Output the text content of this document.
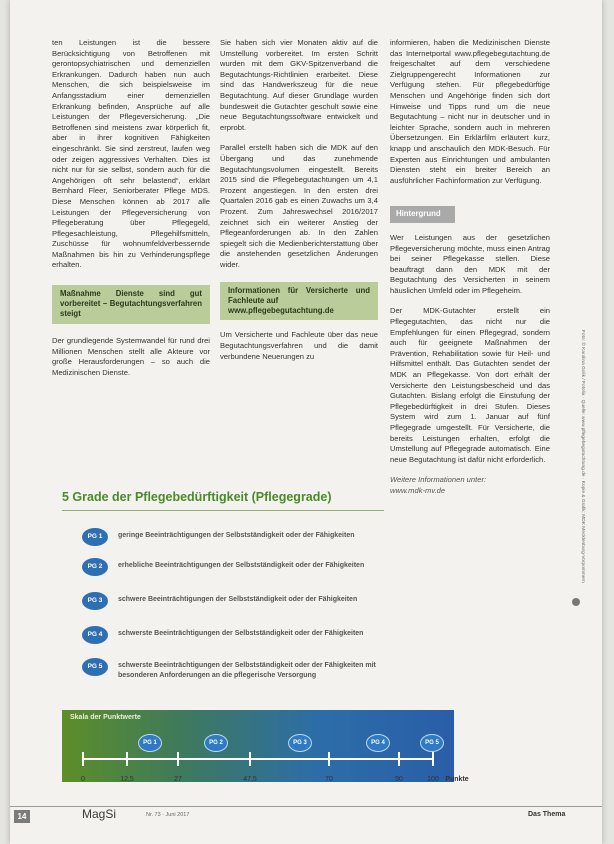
ten Leistungen ist die bessere Berücksichtigung von Betroffenen mit gerontopsychiatrischen und demenziellen Erkrankungen. Dadurch haben nun auch Menschen, die sich beispielsweise im Anfangsstadium einer demenziellen Erkrankung befinden, Ansprüche auf alle Leistungen der Pflegeversicherung. „Die Betroffenen sind meistens zwar körperlich fit, aber in ihrer kognitiven Fähigkeiten eingeschränkt. Sie sind zerstreut, laufen weg oder zeigen aggressives Verhalten. Dies ist nicht nur für sie selbst, sondern auch für die Angehörigen oft sehr belastend“, erklärt Bernhard Fleer, Seniorberater Pflege MDS. Diese Menschen können ab 2017 alle Leistungen der Pflegeversicherung von Pflegeberatung über Pflegegeld, Pflegesachleistung, Pflegehilfsmitteln, Zuschüsse für wohnumfeldverbessernde Maßnahmen bis hin zu Verhinderungspflege erhalten.

Maßnahme Dienste sind gut vorbereitet – Begutachtungsverfahren steigt

Der grundlegende Systemwandel für rund drei Millionen Menschen stellt alle Akteure vor große Herausforderungen – so auch die Medizinischen Dienste.

Sie haben sich vier Monaten aktiv auf die Umstellung vorbereitet. Im ersten Schritt wurden mit dem GKV-Spitzenverband die Begutachtungs-Richtlinien erarbeitet. Diese sind das Handwerkszeug für die neue Begutachtung. Auf dieser Grundlage wurden bundesweit die Gutachter geschult sowie eine neue Begutachtungssoftware entwickelt und erprobt.

Parallel erstellt haben sich die MDK auf den Übergang und das zunehmende Begutachtungsvolumen eingestellt. Bereits 2015 sind die Pflegebegutachtungen um 4,1 Prozent angestiegen. In den ersten drei Quartalen 2016 gab es einen Zuwachs um 3,4 Prozent. Zum Jahreswechsel 2016/2017 zeichnet sich ein weiterer Anstieg der Pflegeanforderungen ab. In den Zahlen spiegelt sich die Medienberichterstattung über die anstehenden gesetzlichen Änderungen wider.

Informationen für Versicherte und Fachleute auf
www.pflegebegutachtung.de

Um Versicherte und Fachleute über das neue Begutachtungsverfahren und die damit verbundene Neuerungen zu

informieren, haben die Medizinischen Dienste das Internetportal www.pflegebegutachtung.de freigeschaltet auf dem verschiedene Zielgruppengerecht Informationen zur Verfügung stehen. Für pflegebedürftige Menschen und Angehörige finden sich dort Hinweise und Tipps rund um die neue Begutachtung – nicht nur in deutscher und in leichter Sprache, sondern auch in mehreren Übersetzungen. Ein Erklärfilm erläutert kurz, knapp und anschaulich den MDK-Besuch. Für Experten aus Einrichtungen und ambulanten Diensten steht ein breiter Bereich an ausführlicher Fachinformation zur Verfügung.

Hintergrund

Wer Leistungen aus der gesetzlichen Pflegeversicherung möchte, muss einen Antrag bei seiner Pflegekasse stellen. Diese beauftragt dann den MDK mit der Begutachtung des Versicherten in seinem häuslichen Umfeld oder im Pflegeheim.

Der MDK-Gutachter erstellt ein Pflegegutachten, das nicht nur die Empfehlungen für einen Pflegegrad, sondern auch für geeignete Maßnahmen der Prävention, Rehabilitation sowie für Heil- und Hilfsmittel enthält. Das Gutachten sendet der MDK an Pflegekasse. Von dort erhält der Versicherte den Leistungsbescheid und das Gutachten. Bislang erfolgt die Einstufung der Pflegebedürftigkeit in drei Stufen. Dieses System wird zum 1. Januar auf fünf Pflegegrade umgestellt. Für Versicherte, die bereits Leistungen erhalten, erfolgt die Umstellung auf Pflegegrade automatisch. Eine neue Begutachtung ist dafür nicht erforderlich.

Weitere Informationen unter:

www.mdk-mv.de

5 Grade der Pflegebedürftigkeit (Pflegegrade)
PG 1	geringe Beeinträchtigungen der Selbstständigkeit oder der Fähigkeiten
PG 2	erhebliche Beeinträchtigungen der Selbstständigkeit oder der Fähigkeiten
PG 3	schwere Beeinträchtigungen der Selbstständigkeit oder der Fähigkeiten
PG 4	schwerste Beeinträchtigungen der Selbstständigkeit oder der Fähigkeiten
PG 5	schwerste Beeinträchtigungen der Selbstständigkeit oder der Fähigkeiten mit besonderen Anforderungen an die pflegerische Versorgung
Skala der Punktwerte
PG 1	PG 2	PG 3	PG 4	PG 5
0	12,5	27	47,5	70	90	100 Punkte
Foto: © Karolina Golik / Fotolia · Quelle: www.pflegebegutachtung.de · Kopie & Grafik: MDK Mecklenburg-Vorpommern
14	MagSi	Nr. 73 · Juni 2017	Das Thema
